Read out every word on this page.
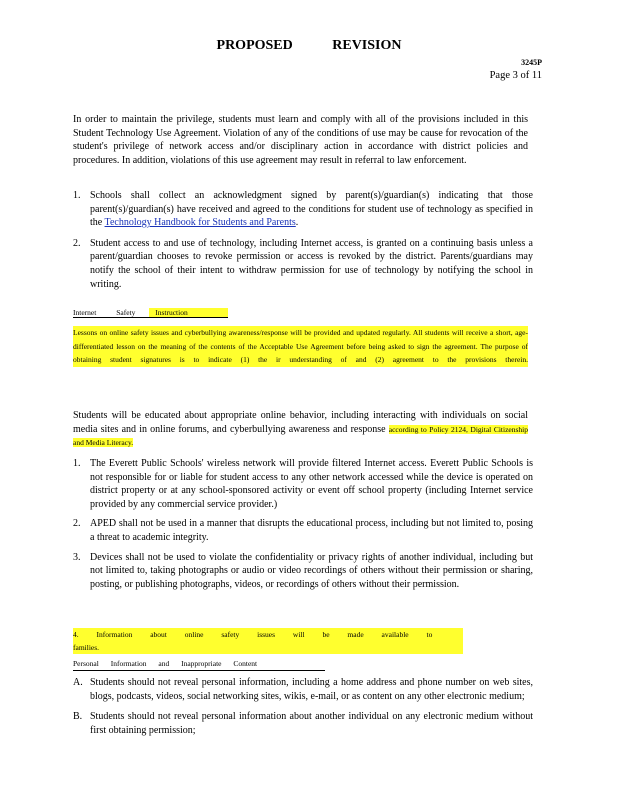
PROPOSED REVISION
3245P
Page 3 of 11
In order to maintain the privilege, students must learn and comply with all of the provisions included in this Student Technology Use Agreement. Violation of any of the conditions of use may be cause for revocation of the student's privilege of network access and/or disciplinary action in accordance with district policies and procedures. In addition, violations of this use agreement may result in referral to law enforcement.
1. Schools shall collect an acknowledgment signed by parent(s)/guardian(s) indicating that those parent(s)/guardian(s) have received and agreed to the conditions for student use of technology as specified in the Technology Handbook for Students and Parents.
2. Student access to and use of technology, including Internet access, is granted on a continuing basis unless a parent/guardian chooses to revoke permission or access is revoked by the district. Parents/guardians may notify the school of their intent to withdraw permission for use of technology by notifying the school in writing.
Internet Safety Instruction
Lessons on online safety issues and cyberbullying awareness/response will be provided and updated regularly. All students will receive a short, age-differentiated lesson on the meaning of the contents of the Acceptable Use Agreement before being asked to sign the agreement. The purpose of obtaining student signatures is to indicate (1) the ir understanding of and (2) agreement to the provisions therein.
Students will be educated about appropriate online behavior, including interacting with individuals on social media sites and in online forums, and cyberbullying awareness and response according to Policy 2124, Digital Citizenship and Media Literacy.
1. The Everett Public Schools' wireless network will provide filtered Internet access. Everett Public Schools is not responsible for or liable for student access to any other network accessed while the device is operated on district property or at any school-sponsored activity or event off school property (including Internet service provided by any commercial service provider.)
2. APED shall not be used in a manner that disrupts the educational process, including but not limited to, posing a threat to academic integrity.
3. Devices shall not be used to violate the confidentiality or privacy rights of another individual, including but not limited to, taking photographs or audio or video recordings of others without their permission or sharing, posting, or publishing photographs, videos, or recordings of others without their permission.
4. Information about online safety issues will be made available to families.
Personal Information and Inappropriate Content
A. Students should not reveal personal information, including a home address and phone number on web sites, blogs, podcasts, videos, social networking sites, wikis, e-mail, or as content on any other electronic medium;
B. Students should not reveal personal information about another individual on any electronic medium without first obtaining permission;
